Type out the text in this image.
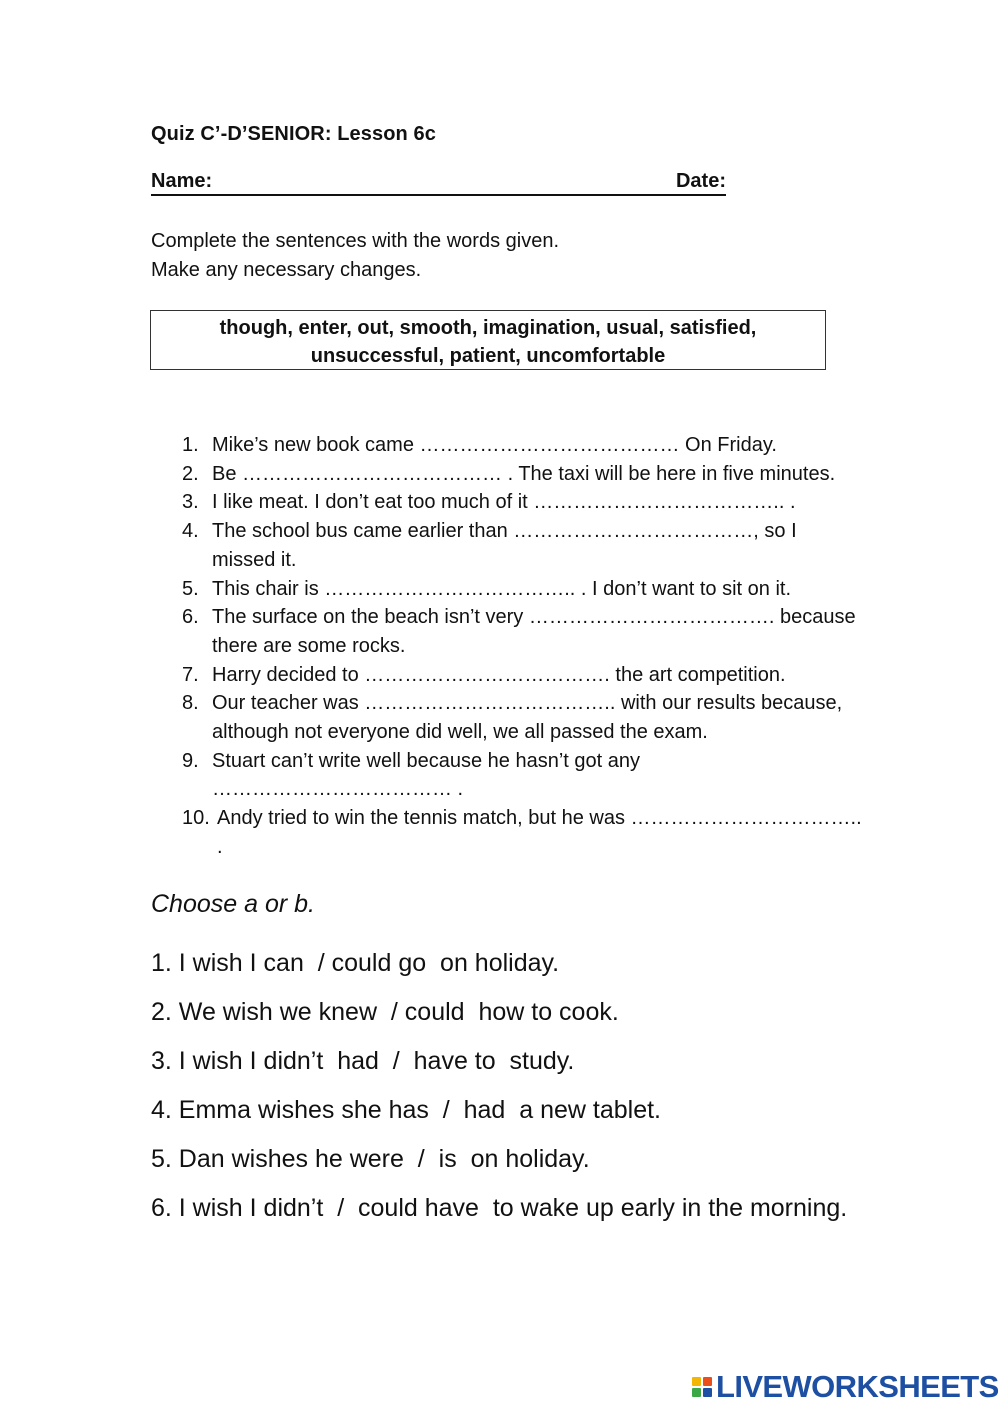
Quiz C’-D’SENIOR: Lesson 6c
Name:	Date:
Complete the sentences with the words given.
Make any necessary changes.
though, enter, out, smooth, imagination, usual, satisfied,
unsuccessful, patient, uncomfortable
1. Mike’s new book came ………………………………… On Friday.
2. Be ………………………………… . The taxi will be here in five minutes.
3. I like meat. I don’t eat too much of it ……………………………….. .
4. The school bus came earlier than ………………………………, so I missed it.
5. This chair is ……………………………….. . I don’t want to sit on it.
6. The surface on the beach isn’t very ………………………………. because there are some rocks.
7. Harry decided to ………………………………. the art competition.
8. Our teacher was ……………………………….. with our results because, although not everyone did well, we all passed the exam.
9. Stuart can’t write well because he hasn’t got any ……………………………… .
10. Andy tried to win the tennis match, but he was …………………………….. .
Choose a or b.
1. I wish I can  / could go  on holiday.
2. We wish we knew  / could  how to cook.
3. I wish I didn’t  had  /  have to  study.
4. Emma wishes she has  /  had  a new tablet.
5. Dan wishes he were  /  is  on holiday.
6. I wish I didn’t  /  could have  to wake up early in the morning.
LIVEWORKSHEETS
